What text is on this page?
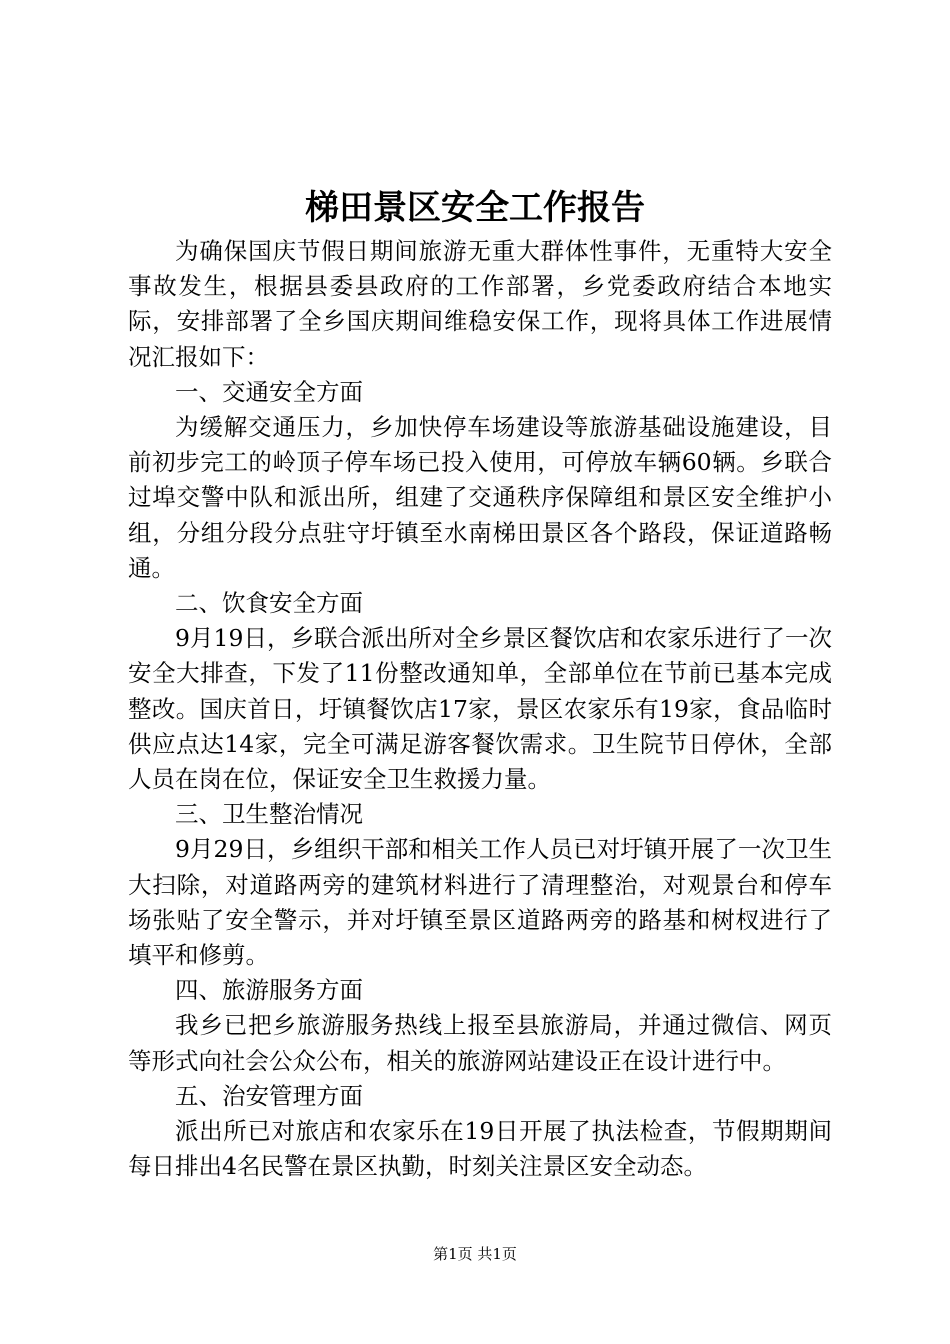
梯田景区安全工作报告

为确保国庆节假日期间旅游无重大群体性事件，无重特大安全事故发生，根据县委县政府的工作部署，乡党委政府结合本地实际，安排部署了全乡国庆期间维稳安保工作，现将具体工作进展情况汇报如下：

一、交通安全方面

为缓解交通压力，乡加快停车场建设等旅游基础设施建设，目前初步完工的岭顶子停车场已投入使用，可停放车辆60辆。乡联合过埠交警中队和派出所，组建了交通秩序保障组和景区安全维护小组，分组分段分点驻守圩镇至水南梯田景区各个路段，保证道路畅通。

二、饮食安全方面

9月19日，乡联合派出所对全乡景区餐饮店和农家乐进行了一次安全大排查，下发了11份整改通知单，全部单位在节前已基本完成整改。国庆首日，圩镇餐饮店17家，景区农家乐有19家，食品临时供应点达14家，完全可满足游客餐饮需求。卫生院节日停休，全部人员在岗在位，保证安全卫生救援力量。

三、卫生整治情况

9月29日，乡组织干部和相关工作人员已对圩镇开展了一次卫生大扫除，对道路两旁的建筑材料进行了清理整治，对观景台和停车场张贴了安全警示，并对圩镇至景区道路两旁的路基和树杈进行了填平和修剪。

四、旅游服务方面

我乡已把乡旅游服务热线上报至县旅游局，并通过微信、网页等形式向社会公众公布，相关的旅游网站建设正在设计进行中。

五、治安管理方面

派出所已对旅店和农家乐在19日开展了执法检查，节假期期间每日排出4名民警在景区执勤，时刻关注景区安全动态。

第1页 共1页
